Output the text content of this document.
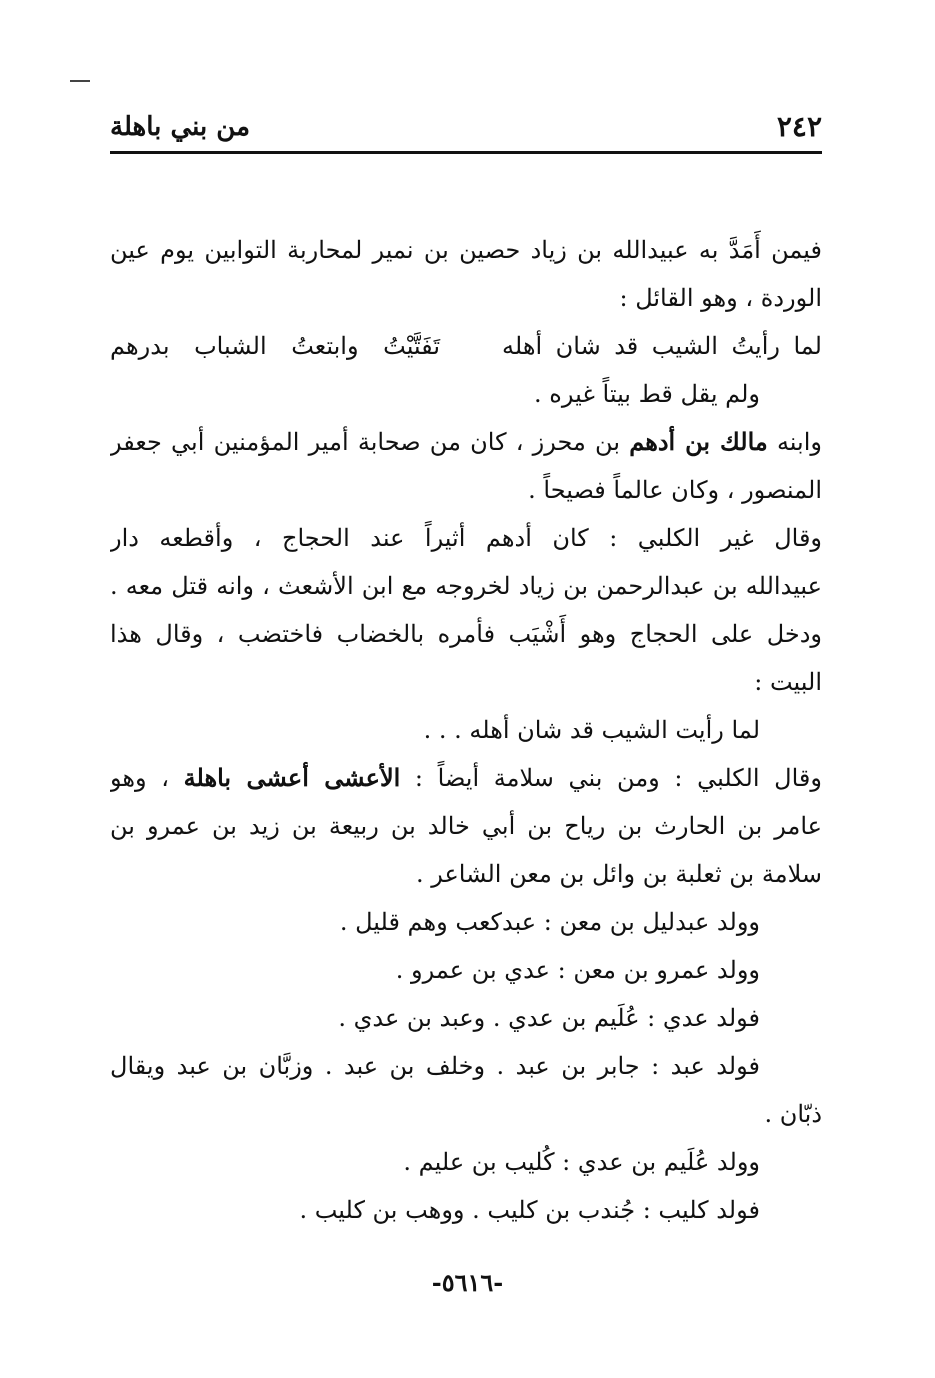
٢٤٢
من بني باهلة
فيمن أَمَدَّ به عبيدالله بن زياد حصين بن نمير لمحاربة التوابين يوم عين
الوردة ، وهو القائل :
لما رأيتُ الشيب قد شان أهله
تَفَتَّيْتُ وابتعتُ الشباب بدرهم
ولم يقل قط بيتاً غيره .
وابنه مالك بن أدهم بن محرز ، كان من صحابة أمير المؤمنين أبي جعفر
المنصور ، وكان عالماً فصيحاً .
وقال غير الكلبي : كان أدهم أثيراً عند الحجاج ، وأقطعه دار
عبيدالله بن عبدالرحمن بن زياد لخروجه مع ابن الأشعث ، وانه قتل معه .
ودخل على الحجاج وهو أَشْيَب فأمره بالخضاب فاختضب ، وقال هذا
البيت :
لما رأيت الشيب قد شان أهله . . .
وقال الكلبي : ومن بني سلامة أيضاً : الأعشى أعشى باهلة ، وهو
عامر بن الحارث بن رياح بن أبي خالد بن ربيعة بن زيد بن عمرو بن
سلامة بن ثعلبة بن وائل بن معن الشاعر .
وولد عبدليل بن معن : عبدكعب وهم قليل .
وولد عمرو بن معن : عدي بن عمرو .
فولد عدي : عُلَيم بن عدي . وعبد بن عدي .
فولد عبد : جابر بن عبد . وخلف بن عبد . وزبَّان بن عبد ويقال
ذبّان .
وولد عُلَيم بن عدي : كُليب بن عليم .
فولد كليب : جُندب بن كليب . ووهب بن كليب .
-٥٦١٦-
